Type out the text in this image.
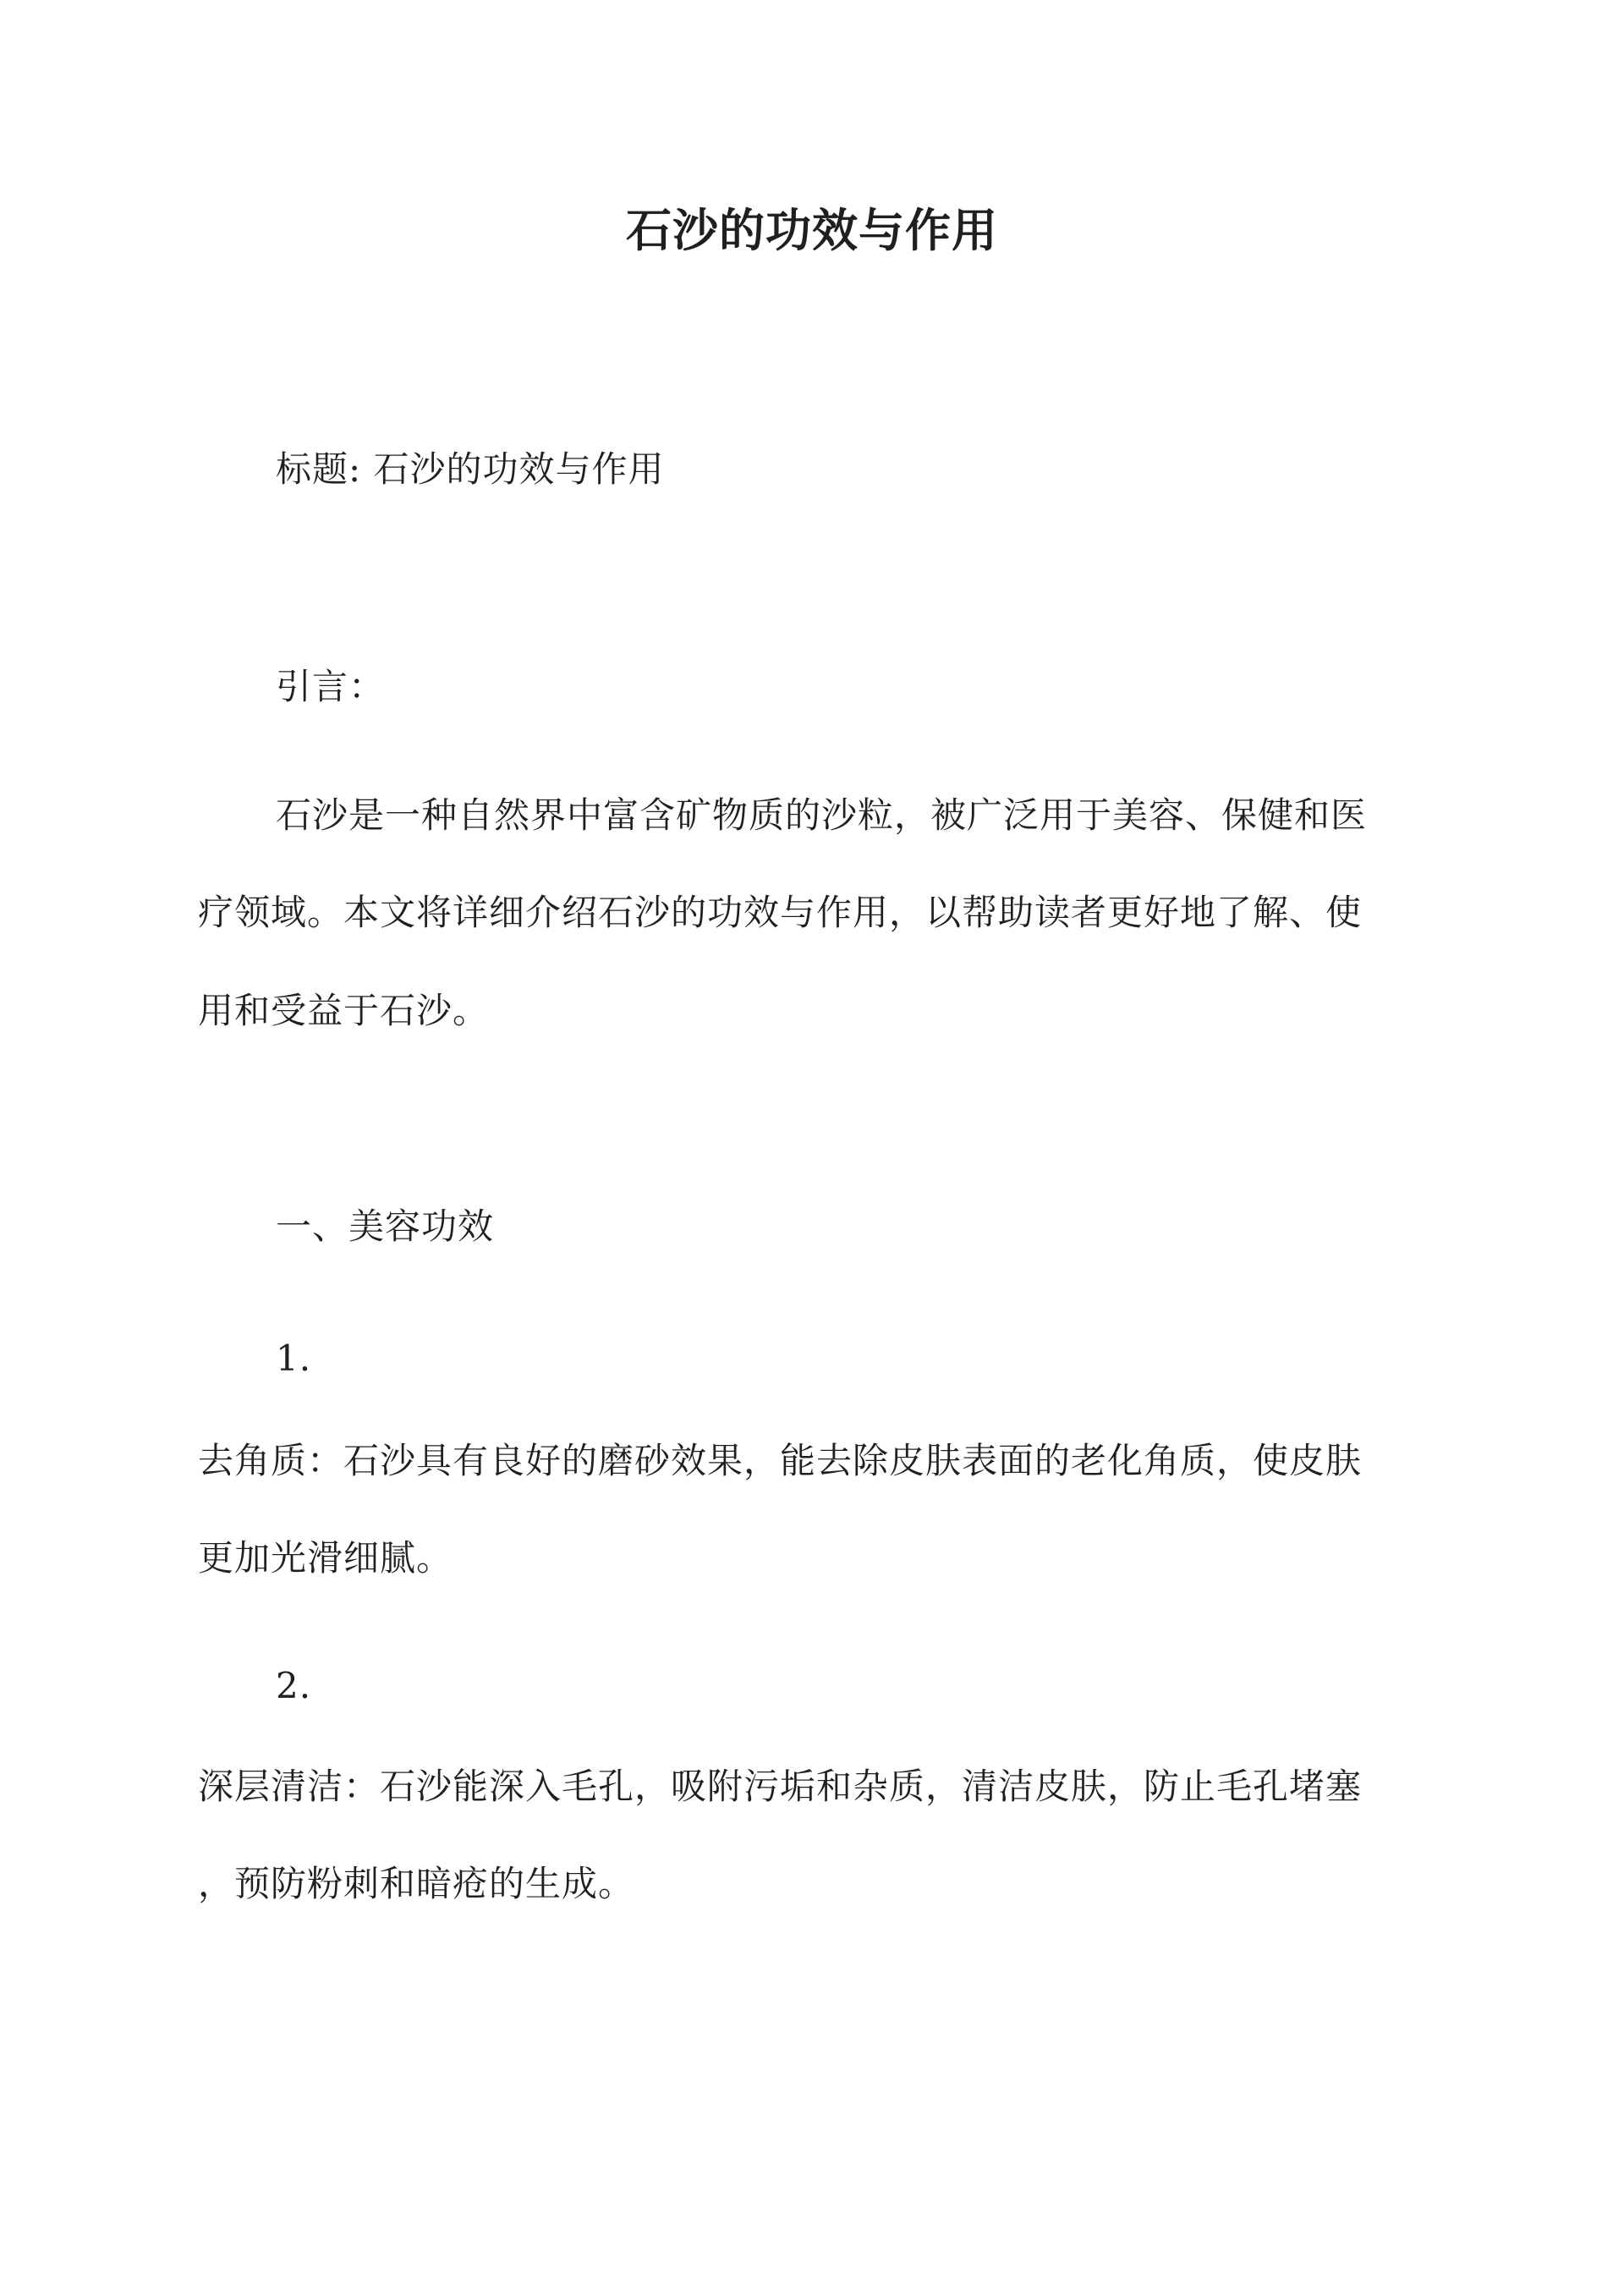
石沙的功效与作用

标题: 石沙的功效与作用

引言：

石沙是一种自然界中富含矿物质的沙粒，被广泛用于美容、保健和医

疗领域。本文将详细介绍石沙的功效与作用，以帮助读者更好地了解、使

用和受益于石沙。

一、美容功效

1.

去角质：石沙具有良好的磨砂效果，能去除皮肤表面的老化角质，使皮肤

更加光滑细腻。

2.

深层清洁：石沙能深入毛孔，吸附污垢和杂质，清洁皮肤，防止毛孔堵塞

，预防粉刺和暗疮的生成。
